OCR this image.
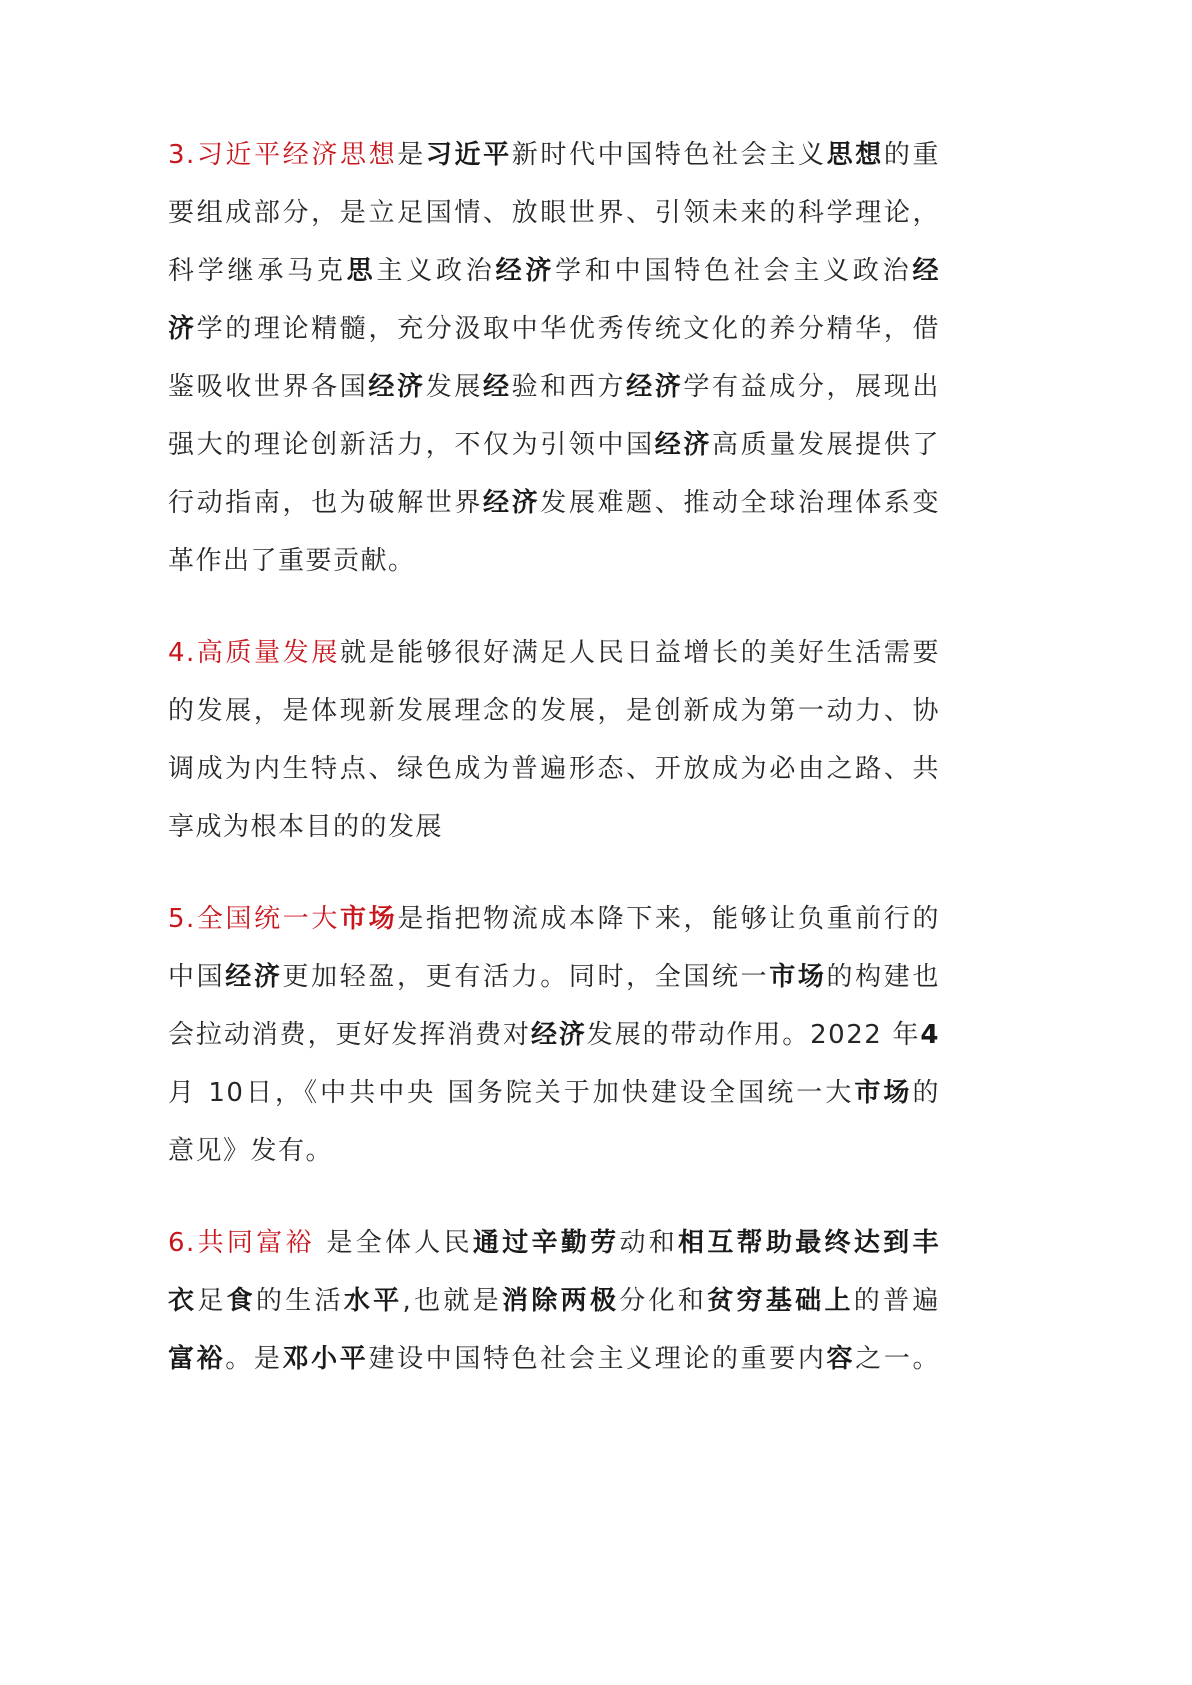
3.习近平经济思想是习近平新时代中国特色社会主义思想的重
要组成部分，是立足国情、放眼世界、引领未来的科学理论，
科学继承马克思主义政治经济学和中国特色社会主义政治经
济学的理论精髓，充分汲取中华优秀传统文化的养分精华，借
鉴吸收世界各国经济发展经验和西方经济学有益成分，展现出
强大的理论创新活力，不仅为引领中国经济高质量发展提供了
行动指南，也为破解世界经济发展难题、推动全球治理体系变
革作出了重要贡献。
4.高质量发展就是能够很好满足人民日益增长的美好生活需要
的发展，是体现新发展理念的发展，是创新成为第一动力、协
调成为内生特点、绿色成为普遍形态、开放成为必由之路、共
享成为根本目的的发展
5.全国统一大市场是指把物流成本降下来，能够让负重前行的
中国经济更加轻盈，更有活力。同时，全国统一市场的构建也
会拉动消费，更好发挥消费对经济发展的带动作用。2022 年4
月 10日，《中共中央 国务院关于加快建设全国统一大市场的
意见》发有。
6.共同富裕 是全体人民通过辛勤劳动和相互帮助最终达到丰
衣足食的生活水平,也就是消除两极分化和贫穷基础上的普遍
富裕。是邓小平建设中国特色社会主义理论的重要内容之一。
